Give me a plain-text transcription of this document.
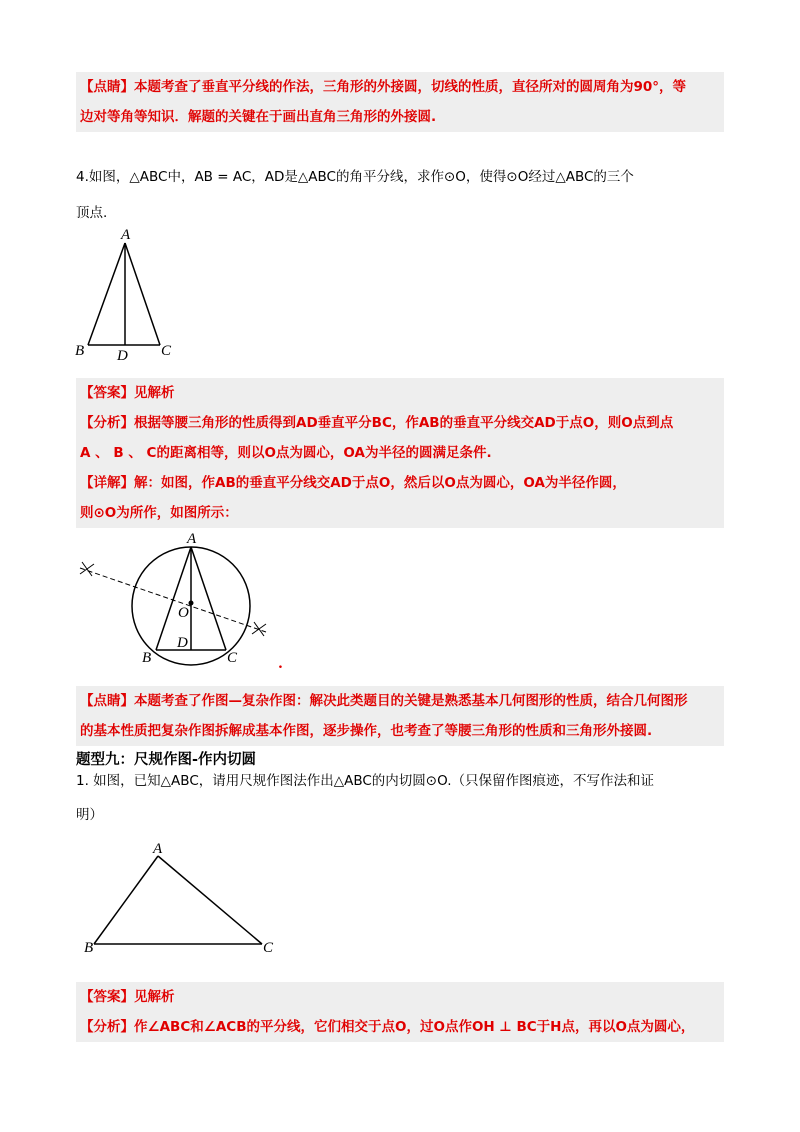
【点睛】本题考查了垂直平分线的作法，三角形的外接圆，切线的性质，直径所对的圆周角为90°，等
边对等角等知识．解题的关键在于画出直角三角形的外接圆.
4.如图，△ABC中，AB = AC，AD是△ABC的角平分线，求作⊙O，使得⊙O经过△ABC的三个
顶点.
A
B D C
【答案】见解析
【分析】根据等腰三角形的性质得到AD垂直平分BC，作AB的垂直平分线交AD于点O，则O点到点
A 、 B 、 C的距离相等，则以O点为圆心，OA为半径的圆满足条件.
【详解】解：如图，作AB的垂直平分线交AD于点O，然后以O点为圆心，OA为半径作圆，
则⊙O为所作，如图所示：
A
O
D
B	C	.
【点睛】本题考查了作图—复杂作图：解决此类题目的关键是熟悉基本几何图形的性质，结合几何图形
的基本性质把复杂作图拆解成基本作图，逐步操作，也考查了等腰三角形的性质和三角形外接圆.
题型九：尺规作图-作内切圆
1. 如图，已知△ABC，请用尺规作图法作出△ABC的内切圆⊙O.（只保留作图痕迹，不写作法和证
明）
A
B	C
【答案】见解析
【分析】作∠ABC和∠ACB的平分线，它们相交于点O，过O点作OH ⊥ BC于H点，再以O点为圆心，
